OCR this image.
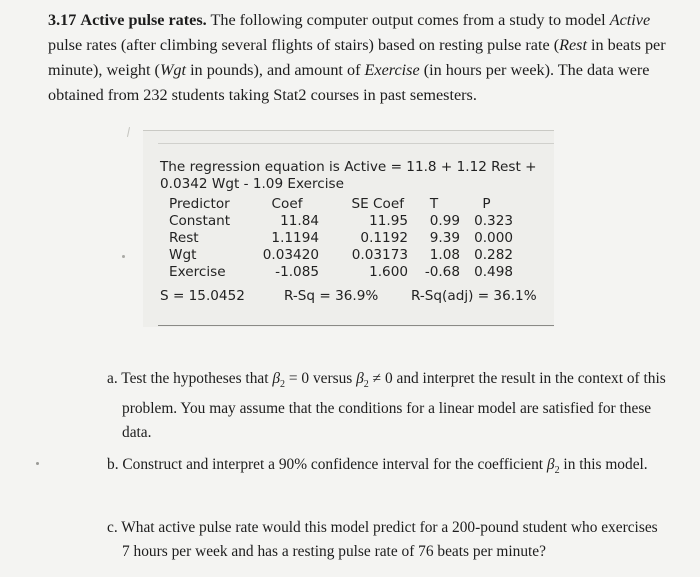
3.17 Active pulse rates. The following computer output comes from a study to model Active pulse rates (after climbing several flights of stairs) based on resting pulse rate (Rest in beats per minute), weight (Wgt in pounds), and amount of Exercise (in hours per week). The data were obtained from 232 students taking Stat2 courses in past semesters.
The regression equation is Active = 11.8 + 1.12 Rest +
0.0342 Wgt - 1.09 Exercise
Predictor	Coef	SE Coef	T	P
Constant	11.84	11.95	0.99	0.323
Rest	1.1194	0.1192	9.39	0.000
Wgt	0.03420	0.03173	1.08	0.282
Exercise	-1.085	1.600	-0.68	0.498
S = 15.0452	R-Sq = 36.9% R-Sq(adj) = 36.1%
a. Test the hypotheses that $\beta_2 = 0$ versus $\beta_2 \ne 0$ and interpret the result in the context of this problem. You may assume that the conditions for a linear model are satisfied for these data.
b. Construct and interpret a 90% confidence interval for the coefficient $\beta_2$ in this model.
c. What active pulse rate would this model predict for a 200-pound student who exercises 7 hours per week and has a resting pulse rate of 76 beats per minute?
